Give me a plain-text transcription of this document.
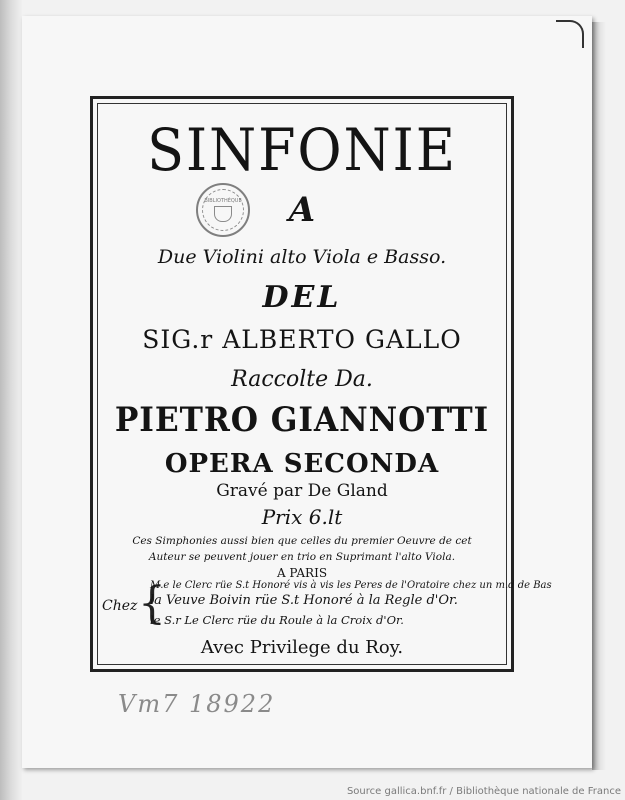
SINFONIE
BIBLIOTHÈQUE	A
Due Violini alto Viola e Basso.
DEL
SIG.r ALBERTO GALLO
Raccolte Da.
PIETRO GIANNOTTI
OPERA SECONDA
Gravé par De Gland
Prix 6.lt
Ces Simphonies aussi bien que celles du premier Oeuvre de cet
Auteur se peuvent jouer en trio en Suprimant l'alto Viola.
A PARIS
Chez {
M.e le Clerc rüe S.t Honoré vis à vis les Peres de l'Oratoire chez un m.d de Bas
la Veuve Boivin rüe S.t Honoré à la Regle d'Or.
le S.r Le Clerc rüe du Roule à la Croix d'Or.
Avec Privilege du Roy.
Vm7 18922
Source gallica.bnf.fr / Bibliothèque nationale de France
